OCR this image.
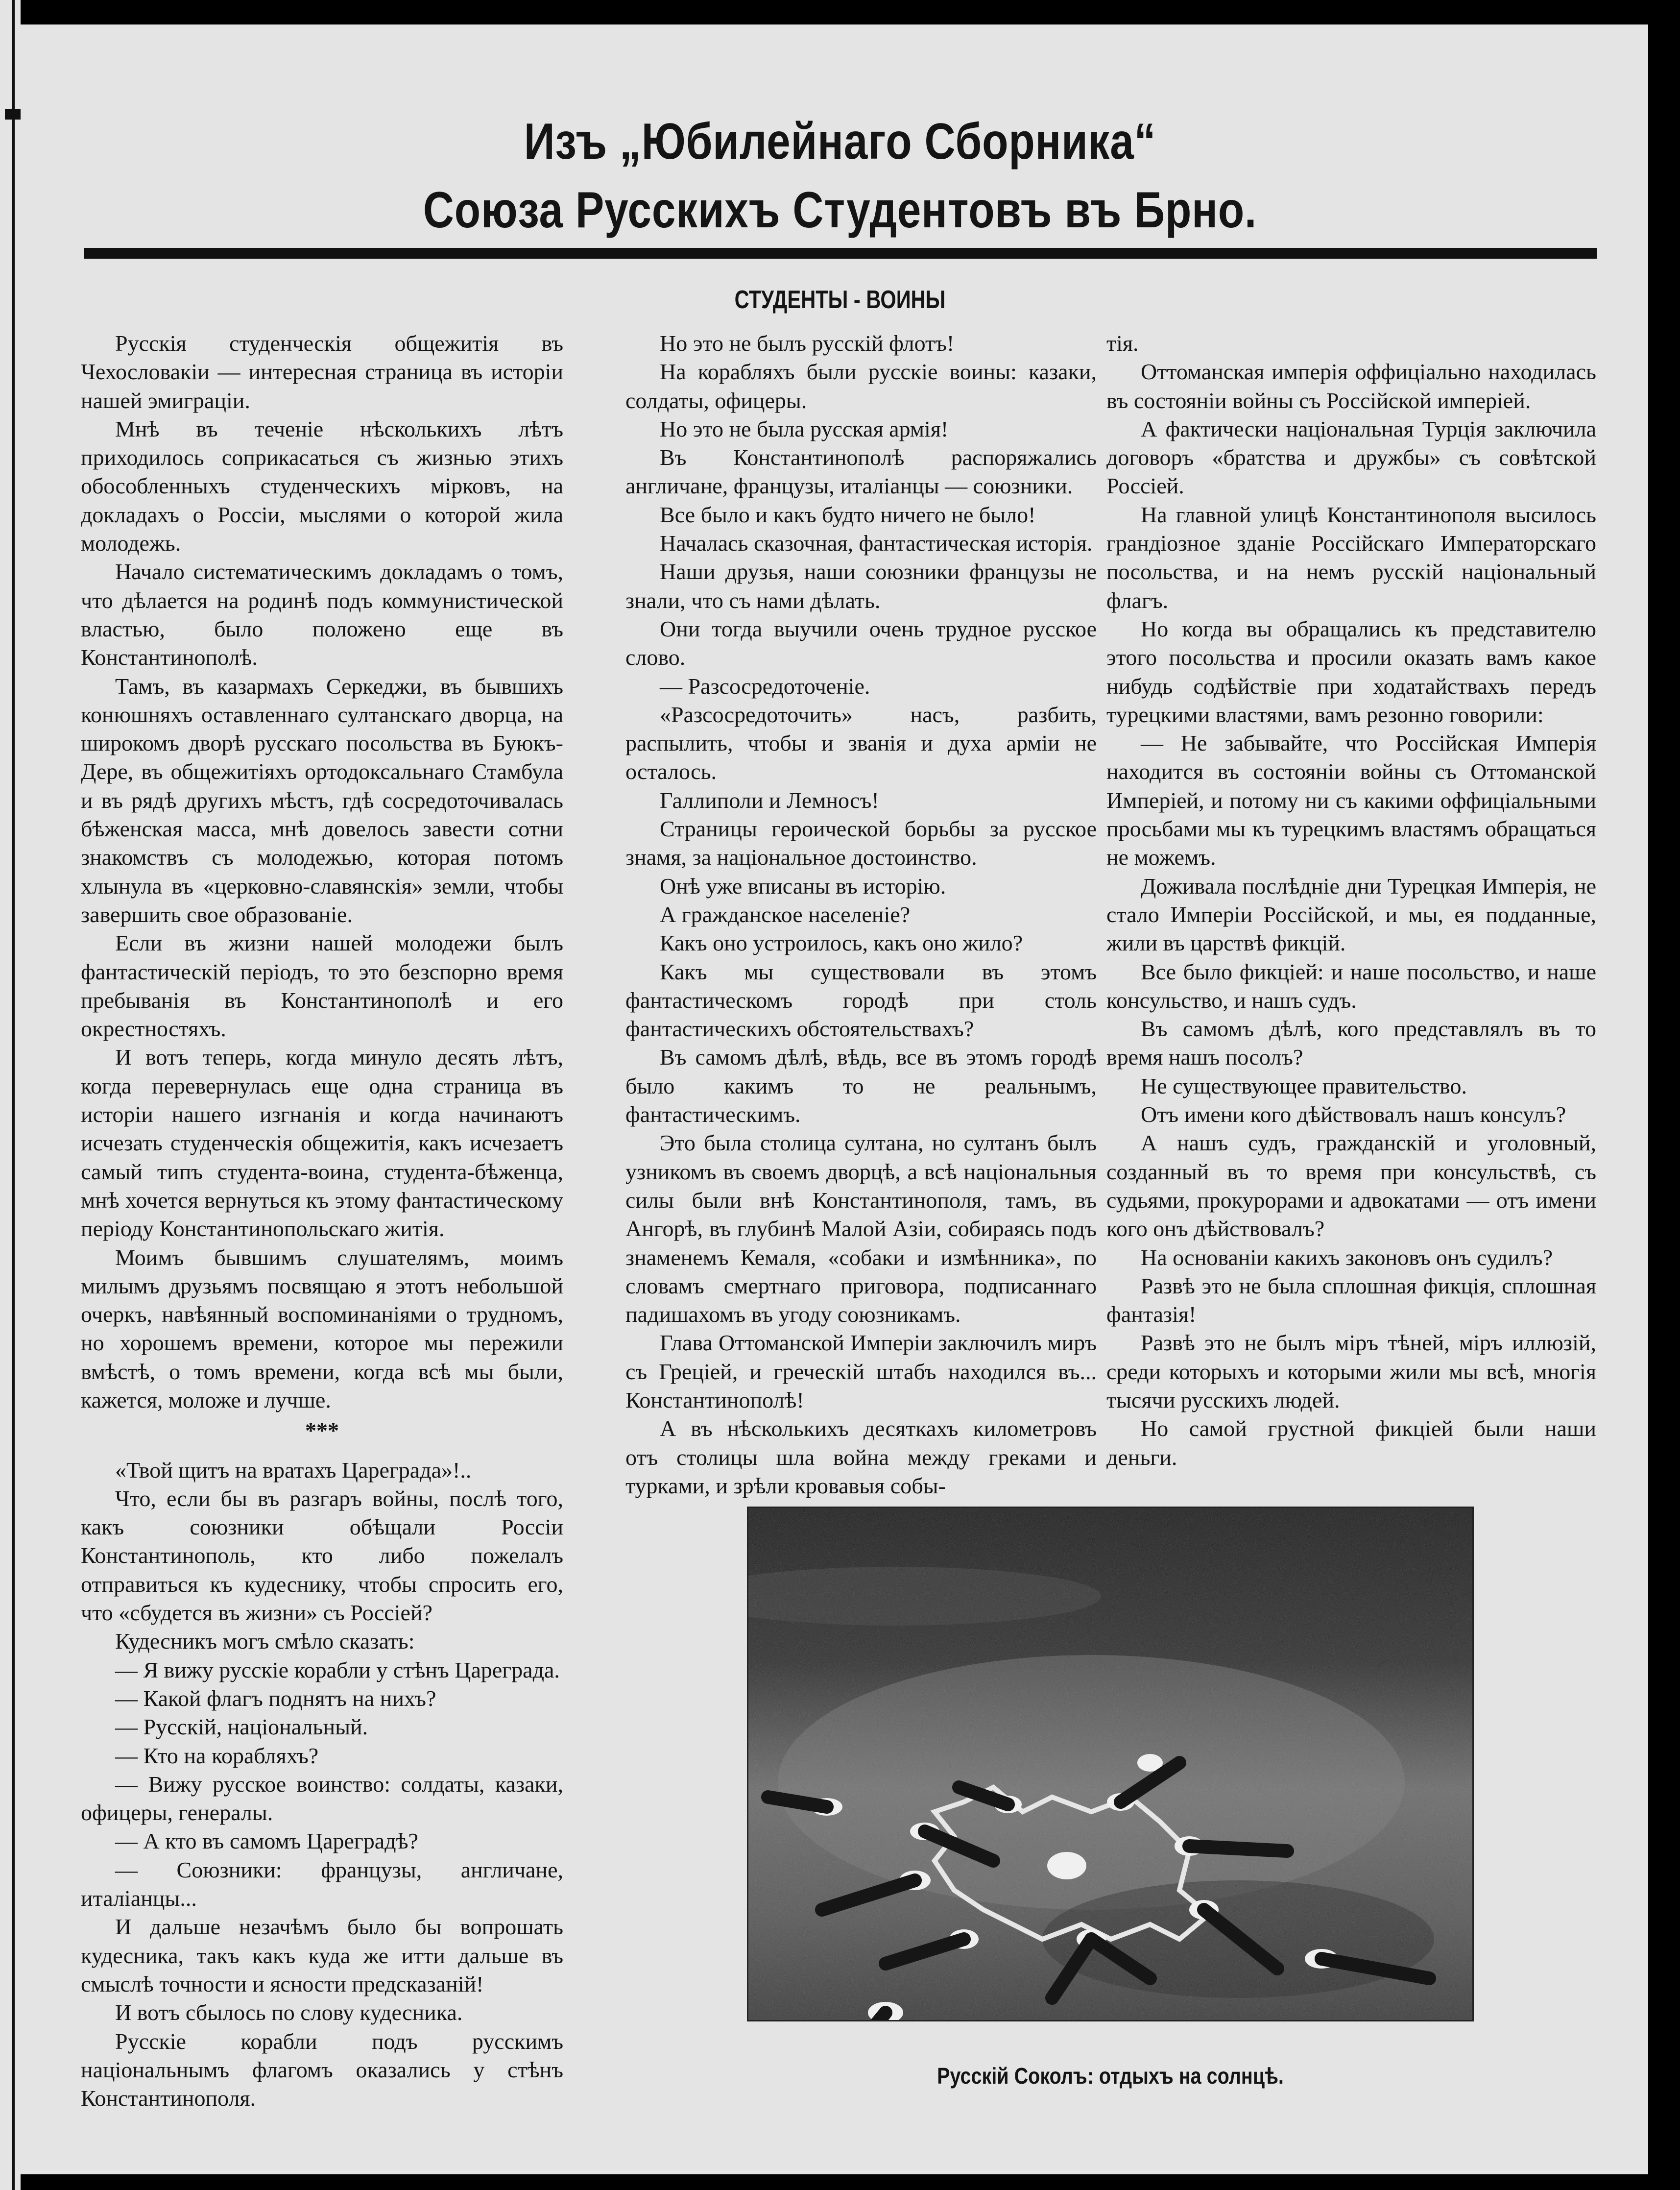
Изъ „Юбилейнаго Сборника“
Союза Русскихъ Студентовъ въ Брно.
СТУДЕНТЫ - ВОИНЫ

Русскія студенческія общежитія въ Чехословакіи — интересная страница въ исторіи нашей эмиграціи.

Мнѣ въ теченіе нѣсколькихъ лѣтъ приходилось соприкасаться съ жизнью этихъ обособленныхъ студенческихъ мірковъ, на докладахъ о Россіи, мыслями о которой жила молодежь.

Начало систематическимъ докладамъ о томъ, что дѣлается на родинѣ подъ коммунистической властью, было положено еще въ Константинополѣ.

Тамъ, въ казармахъ Серкеджи, въ бывшихъ конюшняхъ оставленнаго султанскаго дворца, на широкомъ дворѣ русскаго посольства въ Буюкъ-Дере, въ общежитіяхъ ортодоксальнаго Стамбула и въ рядѣ другихъ мѣстъ, гдѣ сосредоточивалась бѣженская масса, мнѣ довелось завести сотни знакомствъ съ молодежью, которая потомъ хлынула въ «церковно-славянскія» земли, чтобы завершить свое образованіе.

Если въ жизни нашей молодежи былъ фантастическій періодъ, то это безспорно время пребыванія въ Константинополѣ и его окрестностяхъ.

И вотъ теперь, когда минуло десять лѣтъ, когда перевернулась еще одна страница въ исторіи нашего изгнанія и когда начинаютъ исчезать студенческія общежитія, какъ исчезаетъ самый типъ студента-воина, студента-бѣженца, мнѣ хочется вернуться къ этому фантастическому періоду Константинопольскаго житія.

Моимъ бывшимъ слушателямъ, моимъ милымъ друзьямъ посвящаю я этотъ небольшой очеркъ, навѣянный воспоминаніями о трудномъ, но хорошемъ времени, которое мы пережили вмѣстѣ, о томъ времени, когда всѣ мы были, кажется, моложе и лучше.

***

«Твой щитъ на вратахъ Цареграда»!..

Что, если бы въ разгаръ войны, послѣ того, какъ союзники обѣщали Россіи Константинополь, кто либо пожелалъ отправиться къ кудеснику, чтобы спросить его, что «сбудется въ жизни» съ Россіей?

Кудесникъ могъ смѣло сказать:

— Я вижу русскіе корабли у стѣнъ Цареграда.

— Какой флагъ поднятъ на нихъ?

— Русскій, національный.

— Кто на корабляхъ?

— Вижу русское воинство: солдаты, казаки, офицеры, генералы.

— А кто въ самомъ Цареградѣ?

— Союзники: французы, англичане, италіанцы...

И дальше незачѣмъ было бы вопрошать кудесника, такъ какъ куда же итти дальше въ смыслѣ точности и ясности предсказаній!

И вотъ сбылось по слову кудесника.

Русскіе корабли подъ русскимъ національнымъ флагомъ оказались у стѣнъ Константинополя.

Но это не былъ русскій флотъ!

На корабляхъ были русскіе воины: казаки, солдаты, офицеры.

Но это не была русская армія!

Въ Константинополѣ распоряжались англичане, французы, италіанцы — союзники.

Все было и какъ будто ничего не было!

Началась сказочная, фантастическая исторія.

Наши друзья, наши союзники французы не знали, что съ нами дѣлать.

Они тогда выучили очень трудное русское слово.

— Разсосредоточеніе.

«Разсосредоточить» насъ, разбить, распылить, чтобы и званія и духа арміи не осталось.

Галлиполи и Лемносъ!

Страницы героической борьбы за русское знамя, за національное достоинство.

Онѣ уже вписаны въ исторію.

А гражданское населеніе?

Какъ оно устроилось, какъ оно жило?

Какъ мы существовали въ этомъ фантастическомъ городѣ при столь фантастическихъ обстоятельствахъ?

Въ самомъ дѣлѣ, вѣдь, все въ этомъ городѣ было какимъ то не реальнымъ, фантастическимъ.

Это была столица султана, но султанъ былъ узникомъ въ своемъ дворцѣ, а всѣ національныя силы были внѣ Константинополя, тамъ, въ Ангорѣ, въ глубинѣ Малой Азіи, собираясь подъ знаменемъ Кемаля, «собаки и измѣнника», по словамъ смертнаго приговора, подписаннаго падишахомъ въ угоду союзникамъ.

Глава Оттоманской Имперіи заключилъ миръ съ Греціей, и греческій штабъ находился въ... Константинополѣ!

А въ нѣсколькихъ десяткахъ километровъ отъ столицы шла война между греками и турками, и зрѣли кровавыя собы-

тія.

Оттоманская имперія оффиціально находилась въ состояніи войны съ Россійской имперіей.

А фактически національная Турція заключила договоръ «братства и дружбы» съ совѣтской Россіей.

На главной улицѣ Константинополя высилось грандіозное зданіе Россійскаго Императорскаго посольства, и на немъ русскій національный флагъ.

Но когда вы обращались къ представителю этого посольства и просили оказать вамъ какое нибудь содѣйствіе при ходатайствахъ передъ турецкими властями, вамъ резонно говорили:

— Не забывайте, что Россійская Имперія находится въ состояніи войны съ Оттоманской Имперіей, и потому ни съ какими оффиціальными просьбами мы къ турецкимъ властямъ обращаться не можемъ.

Доживала послѣдніе дни Турецкая Имперія, не стало Имперіи Россійской, и мы, ея подданные, жили въ царствѣ фикцій.

Все было фикціей: и наше посольство, и наше консульство, и нашъ судъ.

Въ самомъ дѣлѣ, кого представлялъ въ то время нашъ посолъ?

Не существующее правительство.

Отъ имени кого дѣйствовалъ нашъ консулъ?

А нашъ судъ, гражданскій и уголовный, созданный въ то время при консульствѣ, съ судьями, прокурорами и адвокатами — отъ имени кого онъ дѣйствовалъ?

На основаніи какихъ законовъ онъ судилъ?

Развѣ это не была сплошная фикція, сплошная фантазія!

Развѣ это не былъ міръ тѣней, міръ иллюзій, среди которыхъ и которыми жили мы всѣ, многія тысячи русскихъ людей.

Но самой грустной фикціей были наши деньги.

Русскій Соколъ: отдыхъ на солнцѣ.
